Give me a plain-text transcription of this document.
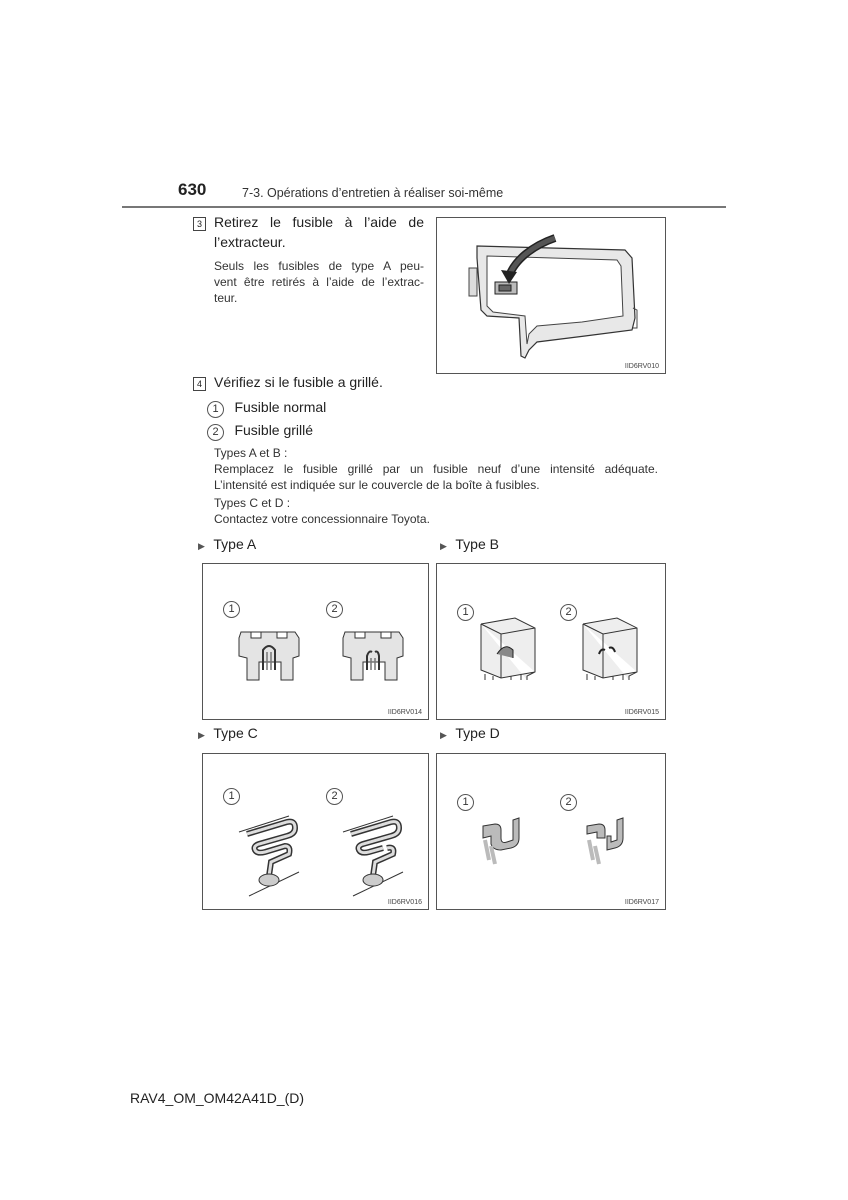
630	7-3. Opérations d’entretien à réaliser soi-même
3 Retirez le fusible à l’aide de
l’extracteur.
Seuls les fusibles de type A peu-
vent être retirés à l’aide de l’extrac-
teur.
IID6RV010
4 Vérifiez si le fusible a grillé.
1 Fusible normal
2 Fusible grillé
Types A et B :
Remplacez le fusible grillé par un fusible neuf d’une intensité adéquate.
L’intensité est indiquée sur le couvercle de la boîte à fusibles.
Types C et D :
Contactez votre concessionnaire Toyota.
▶ Type A	▶ Type B
▶ Type C	▶ Type D
1	2
IID6RV014
1	2
IID6RV015
1	2
IID6RV016
1	2
IID6RV017
RAV4_OM_OM42A41D_(D)
